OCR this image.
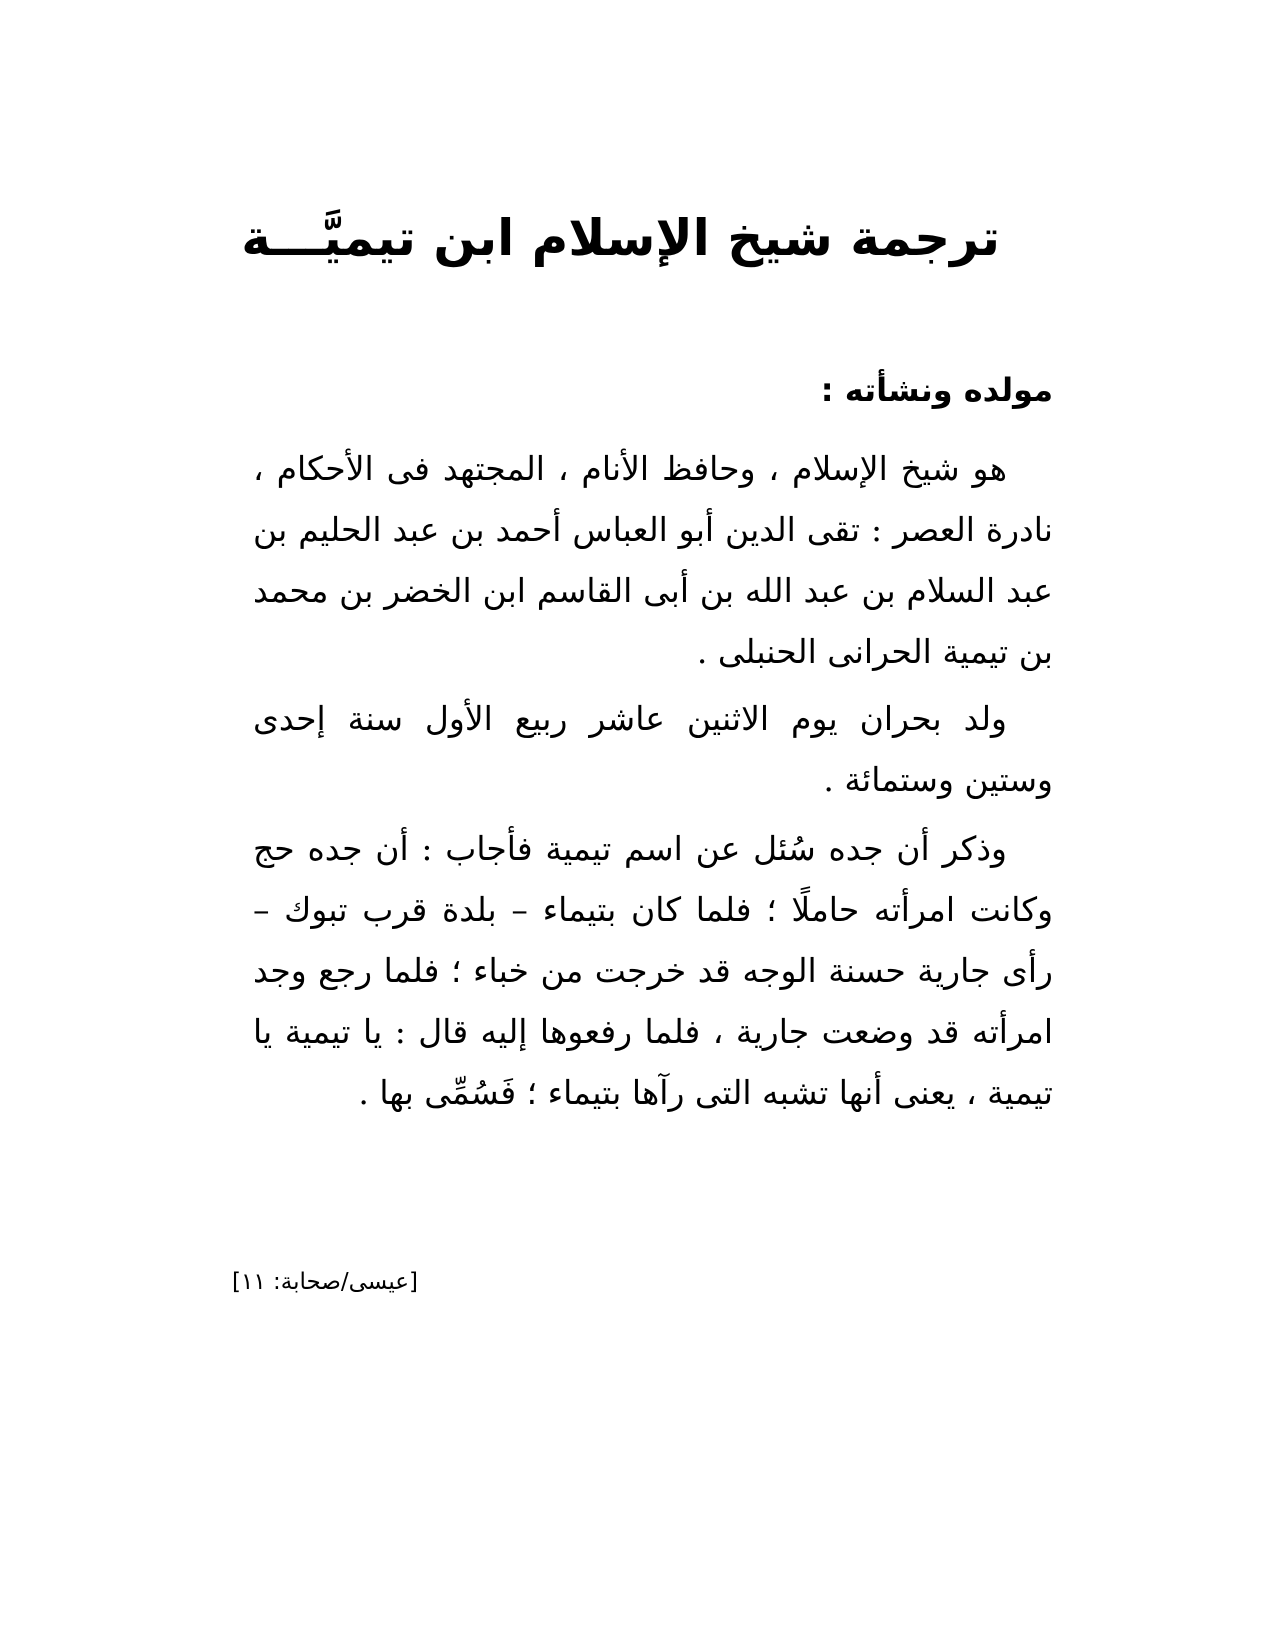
ترجمة شيخ الإسلام ابن تيميَّـــة
مولده ونشأته :

هو شيخ الإسلام ، وحافظ الأنام ، المجتهد فى الأحكام ، نادرة العصر : تقى الدين أبو العباس أحمد بن عبد الحليم بن عبد السلام بن عبد الله بن أبى القاسم ابن الخضر بن محمد بن تيمية الحرانى الحنبلى .

ولد بحران يوم الاثنين عاشر ربيع الأول سنة إحدى وستين وستمائة .

وذكر أن جده سُئل عن اسم تيمية فأجاب : أن جده حج وكانت امرأته حاملًا ؛ فلما كان بتيماء – بلدة قرب تبوك – رأى جارية حسنة الوجه قد خرجت من خباء ؛ فلما رجع وجد امرأته قد وضعت جارية ، فلما رفعوها إليه قال : يا تيمية يا تيمية ، يعنى أنها تشبه التى رآها بتيماء ؛ فَسُمِّى بها .

[عيسى/صحابة: ١١]
